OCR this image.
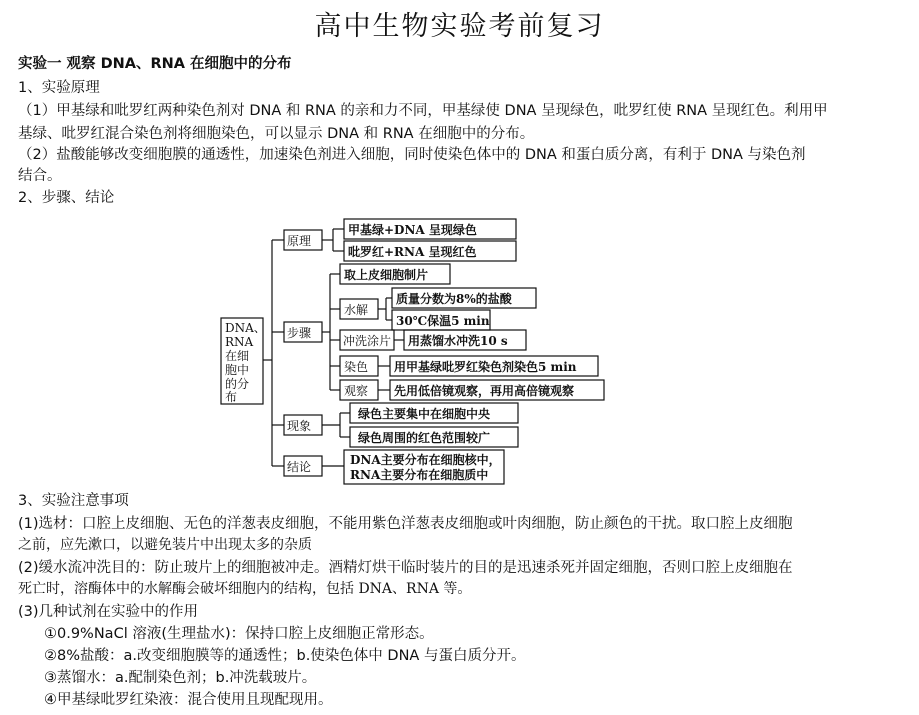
高中生物实验考前复习
实验一 观察 DNA、RNA 在细胞中的分布
1、实验原理
（1）甲基绿和吡罗红两种染色剂对 DNA 和 RNA 的亲和力不同，甲基绿使 DNA 呈现绿色，吡罗红使 RNA 呈现红色。利用甲
基绿、吡罗红混合染色剂将细胞染色，可以显示 DNA 和 RNA 在细胞中的分布。
（2）盐酸能够改变细胞膜的通透性，加速染色剂进入细胞，同时使染色体中的 DNA 和蛋白质分离，有利于 DNA 与染色剂
结合。
2、步骤、结论
DNA、
RNA
在细
胞中
的分
布
原理
甲基绿+DNA 呈现绿色
吡罗红+RNA 呈现红色
步骤
取上皮细胞制片
水解
质量分数为8%的盐酸
30℃保温5 min
冲洗涂片 用蒸馏水冲洗10 s
染色 用甲基绿吡罗红染色剂染色5 min
观察 先用低倍镜观察，再用高倍镜观察
现象
绿色主要集中在细胞中央
绿色周围的红色范围较广
结论	DNA主要分布在细胞核中，
RNA主要分布在细胞质中
3、实验注意事项
(1)选材：口腔上皮细胞、无色的洋葱表皮细胞，不能用紫色洋葱表皮细胞或叶肉细胞，防止颜色的干扰。取口腔上皮细胞
之前，应先漱口，以避免装片中出现太多的杂质
(2)缓水流冲洗目的：防止玻片上的细胞被冲走。酒精灯烘干临时装片的目的是迅速杀死并固定细胞，否则口腔上皮细胞在
死亡时，溶酶体中的水解酶会破坏细胞内的结构，包括 DNA、RNA 等。
(3)几种试剂在实验中的作用
①0.9%NaCl 溶液(生理盐水)：保持口腔上皮细胞正常形态。
②8%盐酸：a.改变细胞膜等的通透性；b.使染色体中 DNA 与蛋白质分开。
③蒸馏水：a.配制染色剂；b.冲洗载玻片。
④甲基绿吡罗红染液：混合使用且现配现用。
